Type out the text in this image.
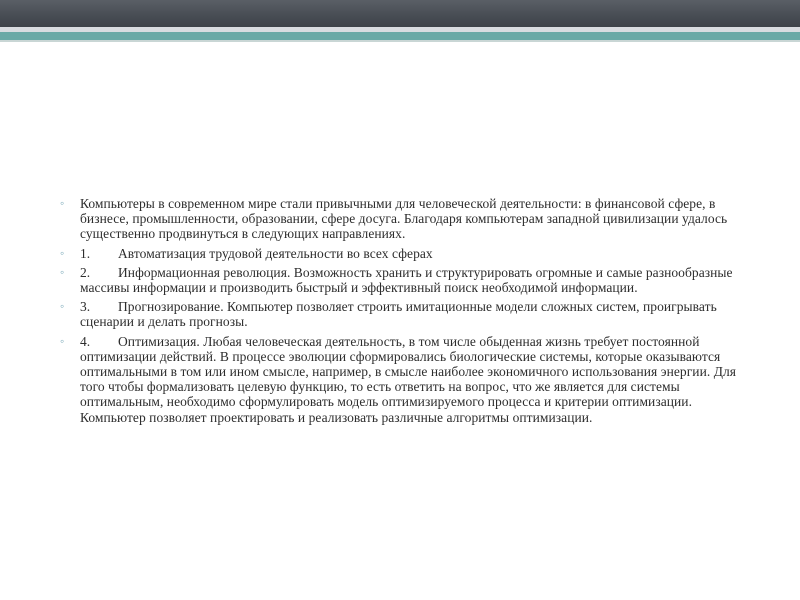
◦ Компьютеры в современном мире стали привычными для человеческой деятельности: в финансовой сфере, в бизнесе, промышленности, образовании, сфере досуга. Благодаря компьютерам западной цивилизации удалось существенно продвинуться в следующих направлениях.
◦ 1. Автоматизация трудовой деятельности во всех сферах
◦ 2. Информационная революция. Возможность хранить и структурировать огромные и самые разнообразные массивы информации и производить быстрый и эффективный поиск необходимой информации.
◦ 3. Прогнозирование. Компьютер позволяет строить имитационные модели сложных систем, проигрывать сценарии и делать прогнозы.
◦ 4. Оптимизация. Любая человеческая деятельность, в том числе обыденная жизнь требует постоянной оптимизации действий. В процессе эволюции сформировались биологические системы, которые оказываются оптимальными в том или ином смысле, например, в смысле наиболее экономичного использования энергии. Для того чтобы формализовать целевую функцию, то есть ответить на вопрос, что же является для системы оптимальным, необходимо сформулировать модель оптимизируемого процесса и критерии оптимизации. Компьютер позволяет проектировать и реализовать различные алгоритмы оптимизации.
